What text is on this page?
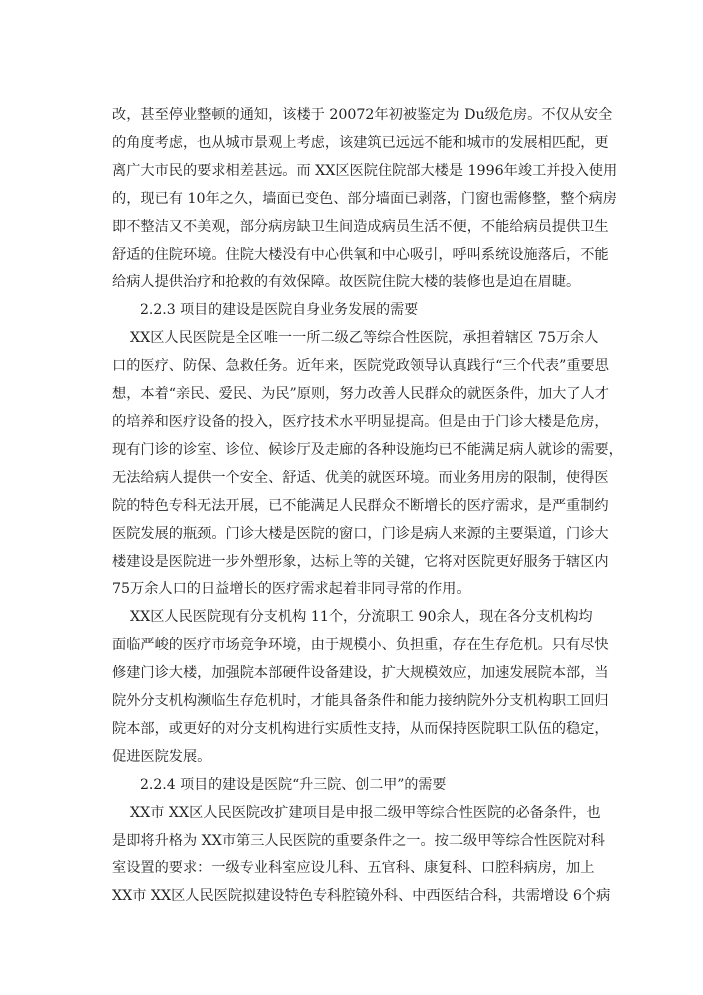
改，甚至停业整顿的通知，该楼于 20072年初被鉴定为 Du级危房。不仅从安全
的角度考虑，也从城市景观上考虑，该建筑已远远不能和城市的发展相匹配，更
离广大市民的要求相差甚远。而 XX区医院住院部大楼是 1996年竣工并投入使用
的，现已有 10年之久，墙面已变色、部分墙面已剥落，门窗也需修整，整个病房
即不整洁又不美观，部分病房缺卫生间造成病员生活不便，不能给病员提供卫生
舒适的住院环境。住院大楼没有中心供氧和中心吸引，呼叫系统设施落后，不能
给病人提供治疗和抢救的有效保障。故医院住院大楼的装修也是迫在眉睫。

2.2.3 项目的建设是医院自身业务发展的需要

XX区人民医院是全区唯一一所二级乙等综合性医院，承担着辖区 75万余人
口的医疗、防保、急救任务。近年来，医院党政领导认真践行“三个代表”重要思
想，本着“亲民、爱民、为民”原则，努力改善人民群众的就医条件，加大了人才
的培养和医疗设备的投入，医疗技术水平明显提高。但是由于门诊大楼是危房，
现有门诊的诊室、诊位、候诊厅及走廊的各种设施均已不能满足病人就诊的需要，
无法给病人提供一个安全、舒适、优美的就医环境。而业务用房的限制，使得医
院的特色专科无法开展，已不能满足人民群众不断增长的医疗需求，是严重制约
医院发展的瓶颈。门诊大楼是医院的窗口，门诊是病人来源的主要渠道，门诊大
楼建设是医院进一步外塑形象，达标上等的关键，它将对医院更好服务于辖区内
75万余人口的日益增长的医疗需求起着非同寻常的作用。

XX区人民医院现有分支机构 11个，分流职工 90余人，现在各分支机构均
面临严峻的医疗市场竞争环境，由于规模小、负担重，存在生存危机。只有尽快
修建门诊大楼，加强院本部硬件设备建设，扩大规模效应，加速发展院本部，当
院外分支机构濒临生存危机时，才能具备条件和能力接纳院外分支机构职工回归
院本部，或更好的对分支机构进行实质性支持，从而保持医院职工队伍的稳定，
促进医院发展。

2.2.4 项目的建设是医院“升三院、创二甲”的需要

XX市 XX区人民医院改扩建项目是申报二级甲等综合性医院的必备条件，也
是即将升格为 XX市第三人民医院的重要条件之一。按二级甲等综合性医院对科
室设置的要求：一级专业科室应设儿科、五官科、康复科、口腔科病房，加上
XX市 XX区人民医院拟建设特色专科腔镜外科、中西医结合科，共需增设 6个病
